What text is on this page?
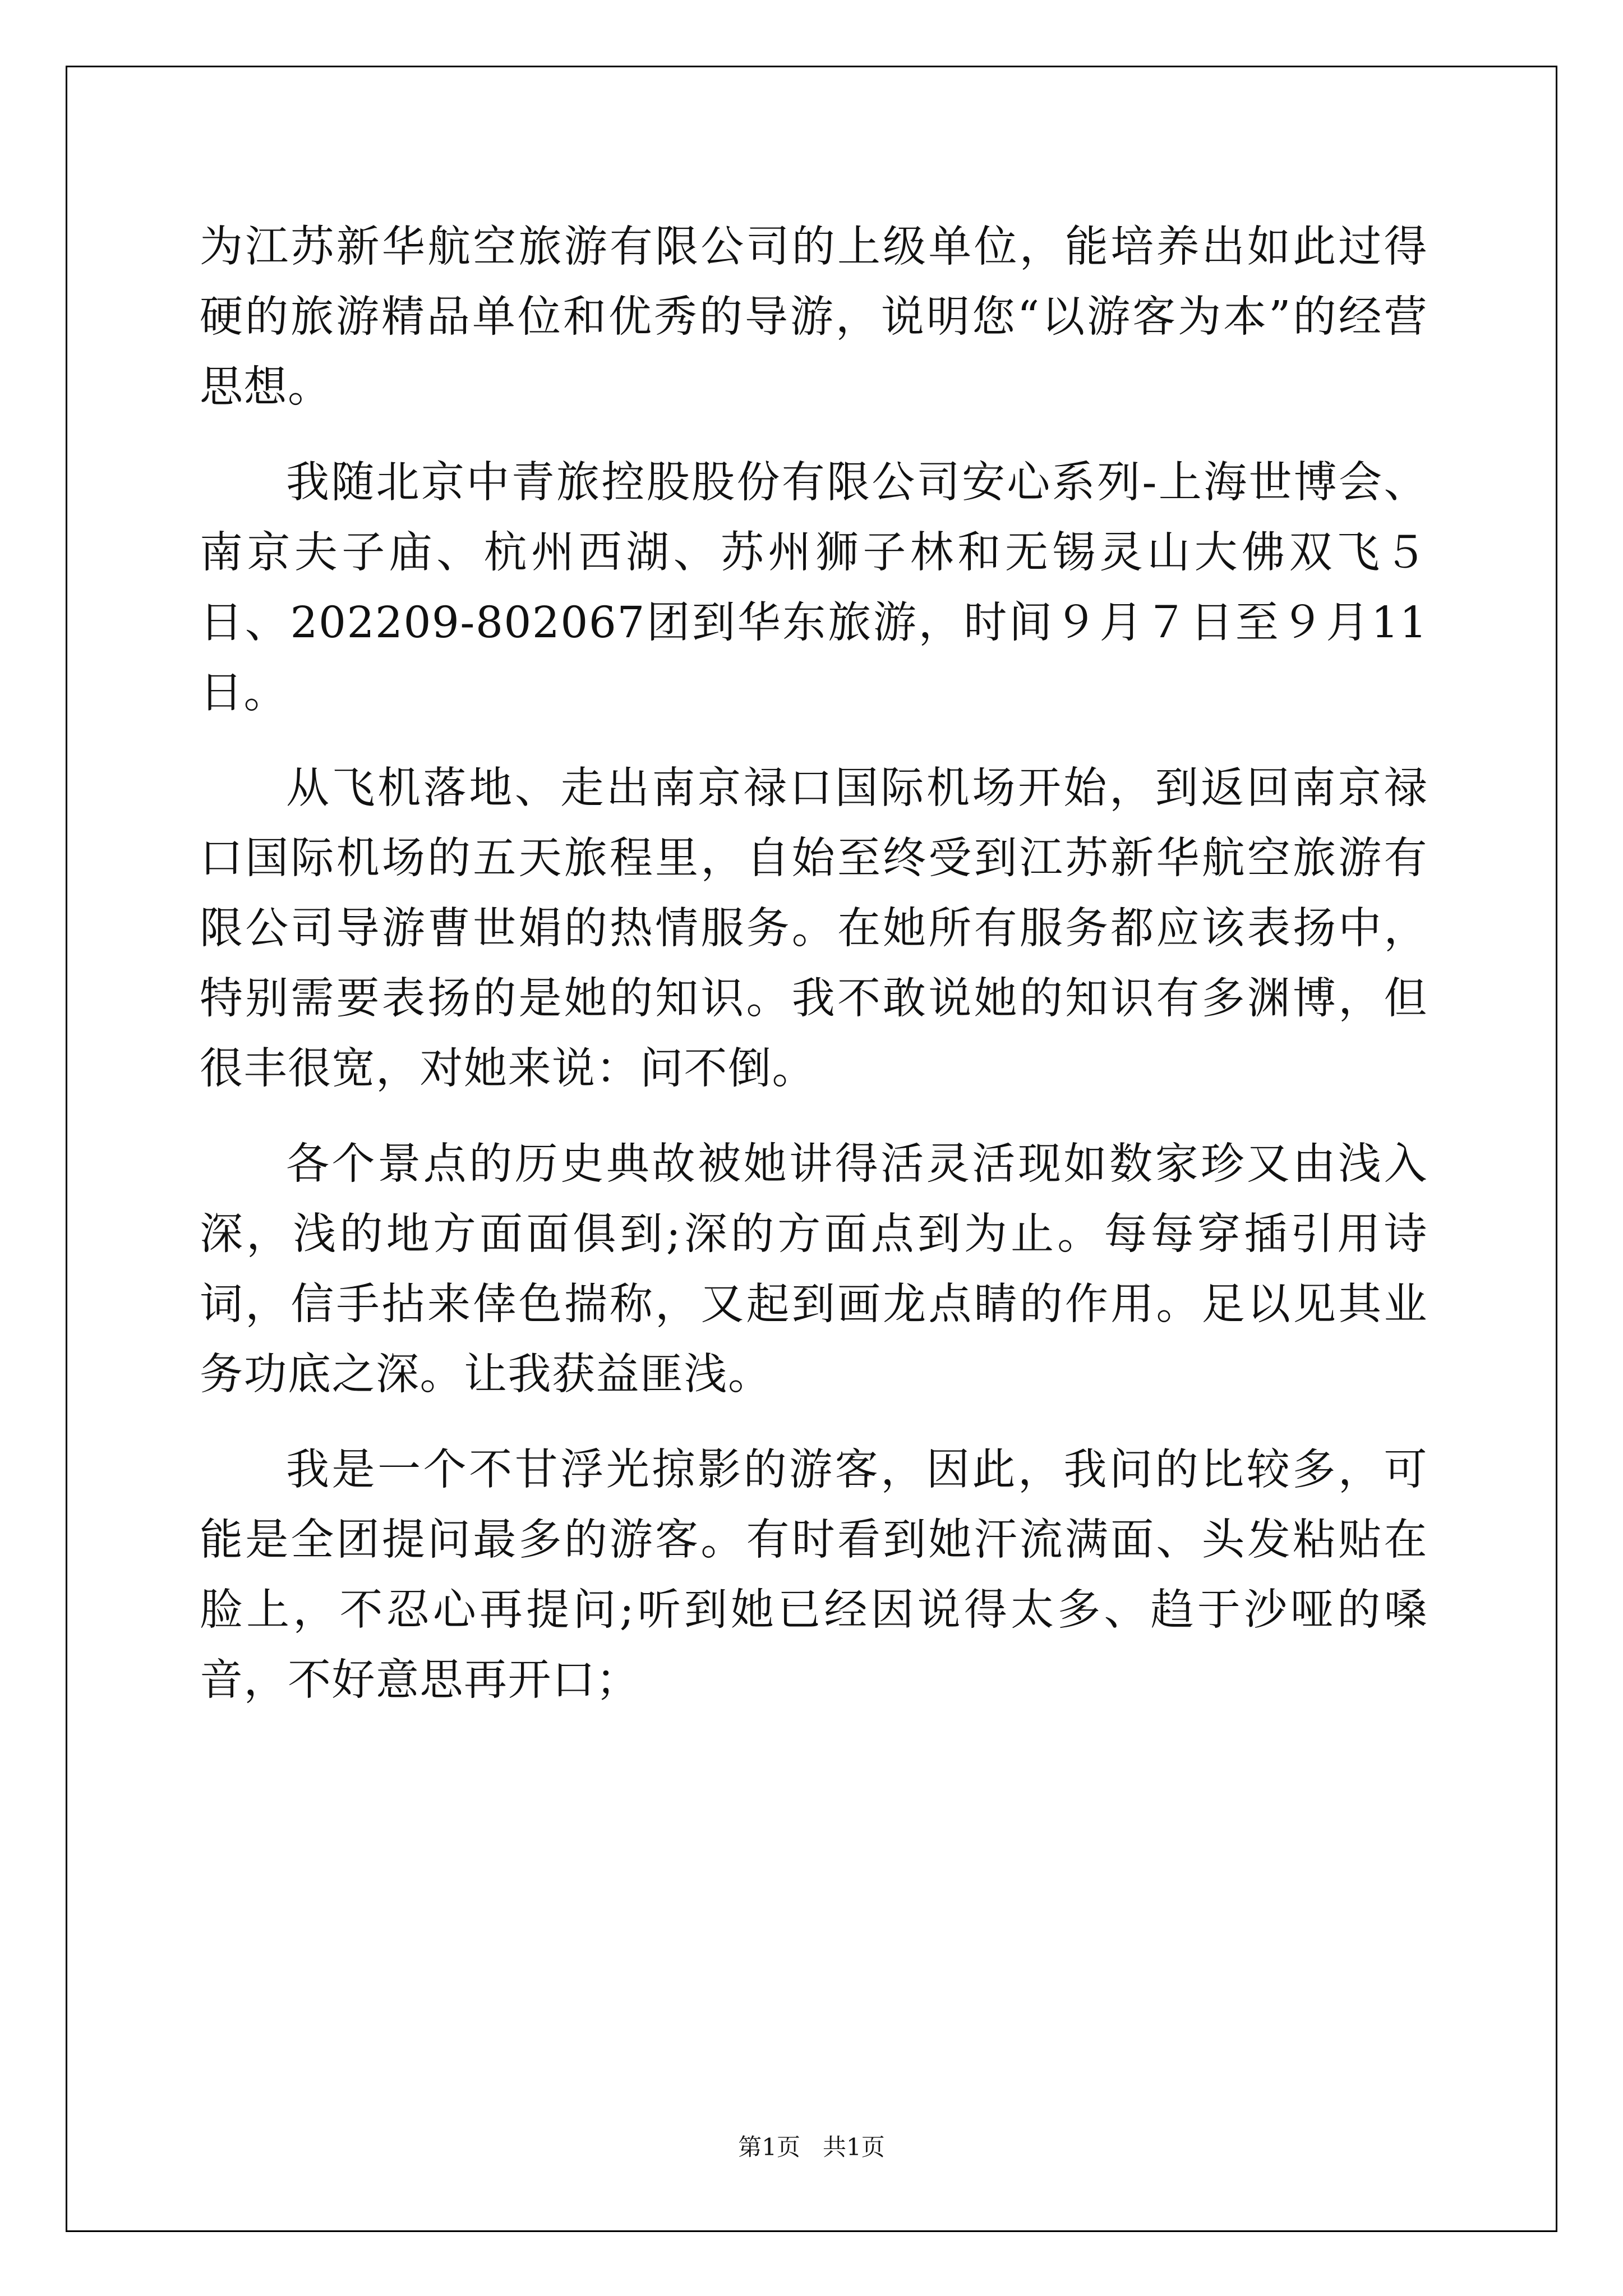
为江苏新华航空旅游有限公司的上级单位，能培养出如此过得硬的旅游精品单位和优秀的导游，说明您“以游客为本”的经营思想。

我随北京中青旅控股股份有限公司安心系列-上海世博会、南京夫子庙、杭州西湖、苏州狮子林和无锡灵山大佛双飞５日、202209-802067团到华东旅游，时间９月７日至９月11日。

从飞机落地、走出南京禄口国际机场开始，到返回南京禄口国际机场的五天旅程里，自始至终受到江苏新华航空旅游有限公司导游曹世娟的热情服务。在她所有服务都应该表扬中，特别需要表扬的是她的知识。我不敢说她的知识有多渊博，但很丰很宽，对她来说：问不倒。

各个景点的历史典故被她讲得活灵活现如数家珍又由浅入深，浅的地方面面俱到;深的方面点到为止。每每穿插引用诗词，信手拈来倖色揣称，又起到画龙点睛的作用。足以见其业务功底之深。让我获益匪浅。

我是一个不甘浮光掠影的游客，因此，我问的比较多，可能是全团提问最多的游客。有时看到她汗流满面、头发粘贴在脸上，不忍心再提问;听到她已经因说得太多、趋于沙哑的嗓音，不好意思再开口；

第1页 共1页
